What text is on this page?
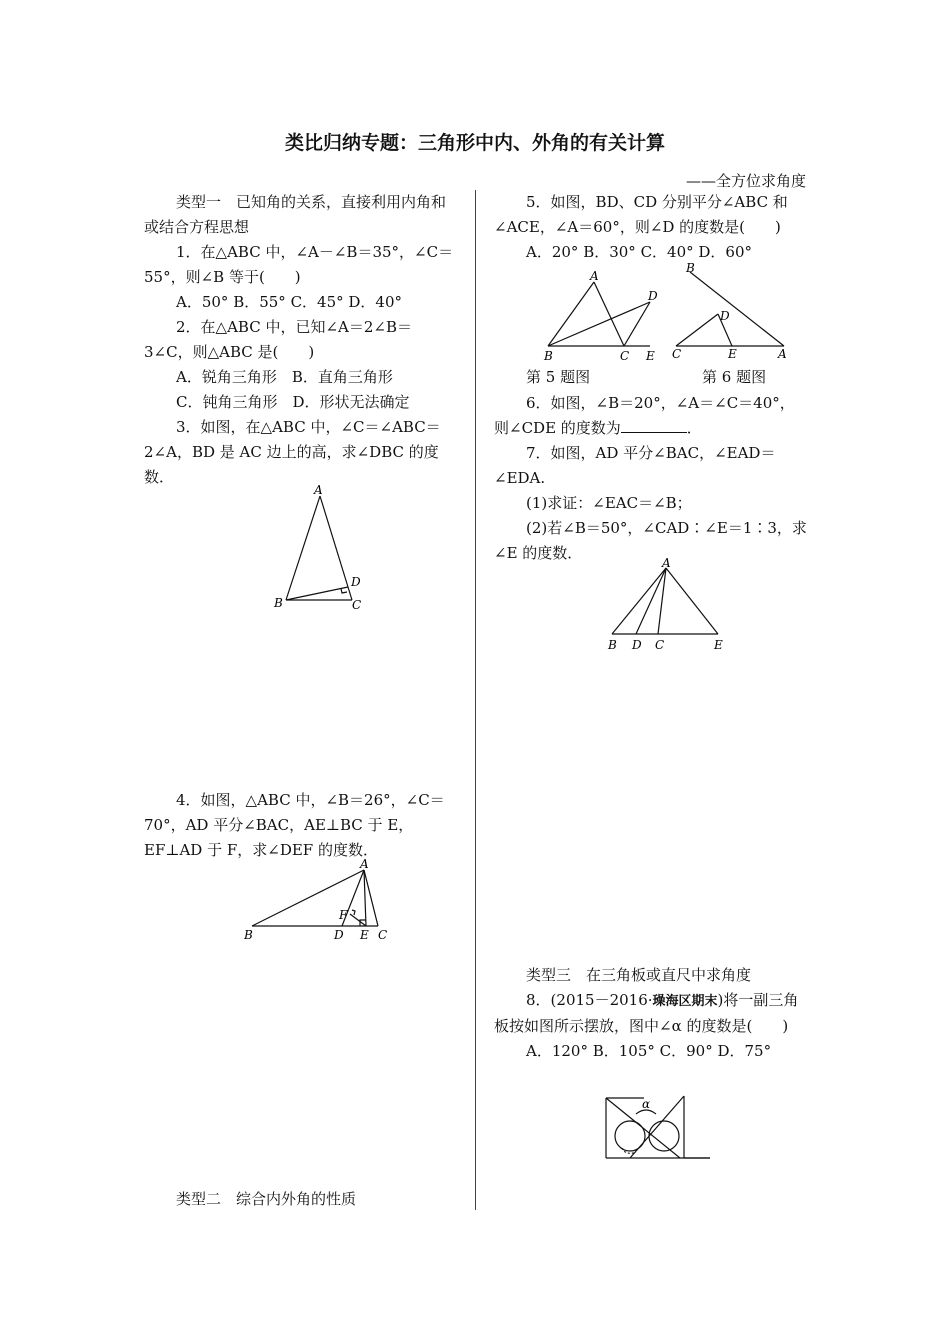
类比归纳专题：三角形中内、外角的有关计算
——全方位求角度

类型一　已知角的关系，直接利用内角和或结合方程思想

1．在△ABC 中，∠A－∠B＝35°，∠C＝55°，则∠B 等于(　　)

A．50° B．55° C．45° D．40°

2．在△ABC 中，已知∠A＝2∠B＝3∠C，则△ABC 是(　　)

A．锐角三角形　B．直角三角形

C．钝角三角形　D．形状无法确定

3．如图，在△ABC 中，∠C＝∠ABC＝2∠A，BD 是 AC 边上的高，求∠DBC 的度数．

A
B	C
D

4．如图，△ABC 中，∠B＝26°，∠C＝70°，AD 平分∠BAC，AE⊥BC 于 E，EF⊥AD 于 F，求∠DEF 的度数．

A
B	D E C
F
类型二　综合内外角的性质

5．如图，BD、CD 分别平分∠ABC 和∠ACE，∠A＝60°，则∠D 的度数是(　　)

A．20° B．30° C．40° D．60°

A
B	C E
D
B
C	E	A
D
第 5 题图	第 6 题图

6．如图，∠B＝20°，∠A＝∠C＝40°，则∠CDE 的度数为	．

7．如图，AD 平分∠BAC，∠EAD＝∠EDA.

(1)求证：∠EAC＝∠B；

(2)若∠B＝50°，∠CAD∶∠E＝1∶3，求∠E 的度数．

A
B D C	E

类型三　在三角板或直尺中求角度

8．(2015－2016·璪海区期末)将一副三角板按如图所示摆放，图中∠α 的度数是(　　)

A．120° B．105° C．90° D．75°

α
